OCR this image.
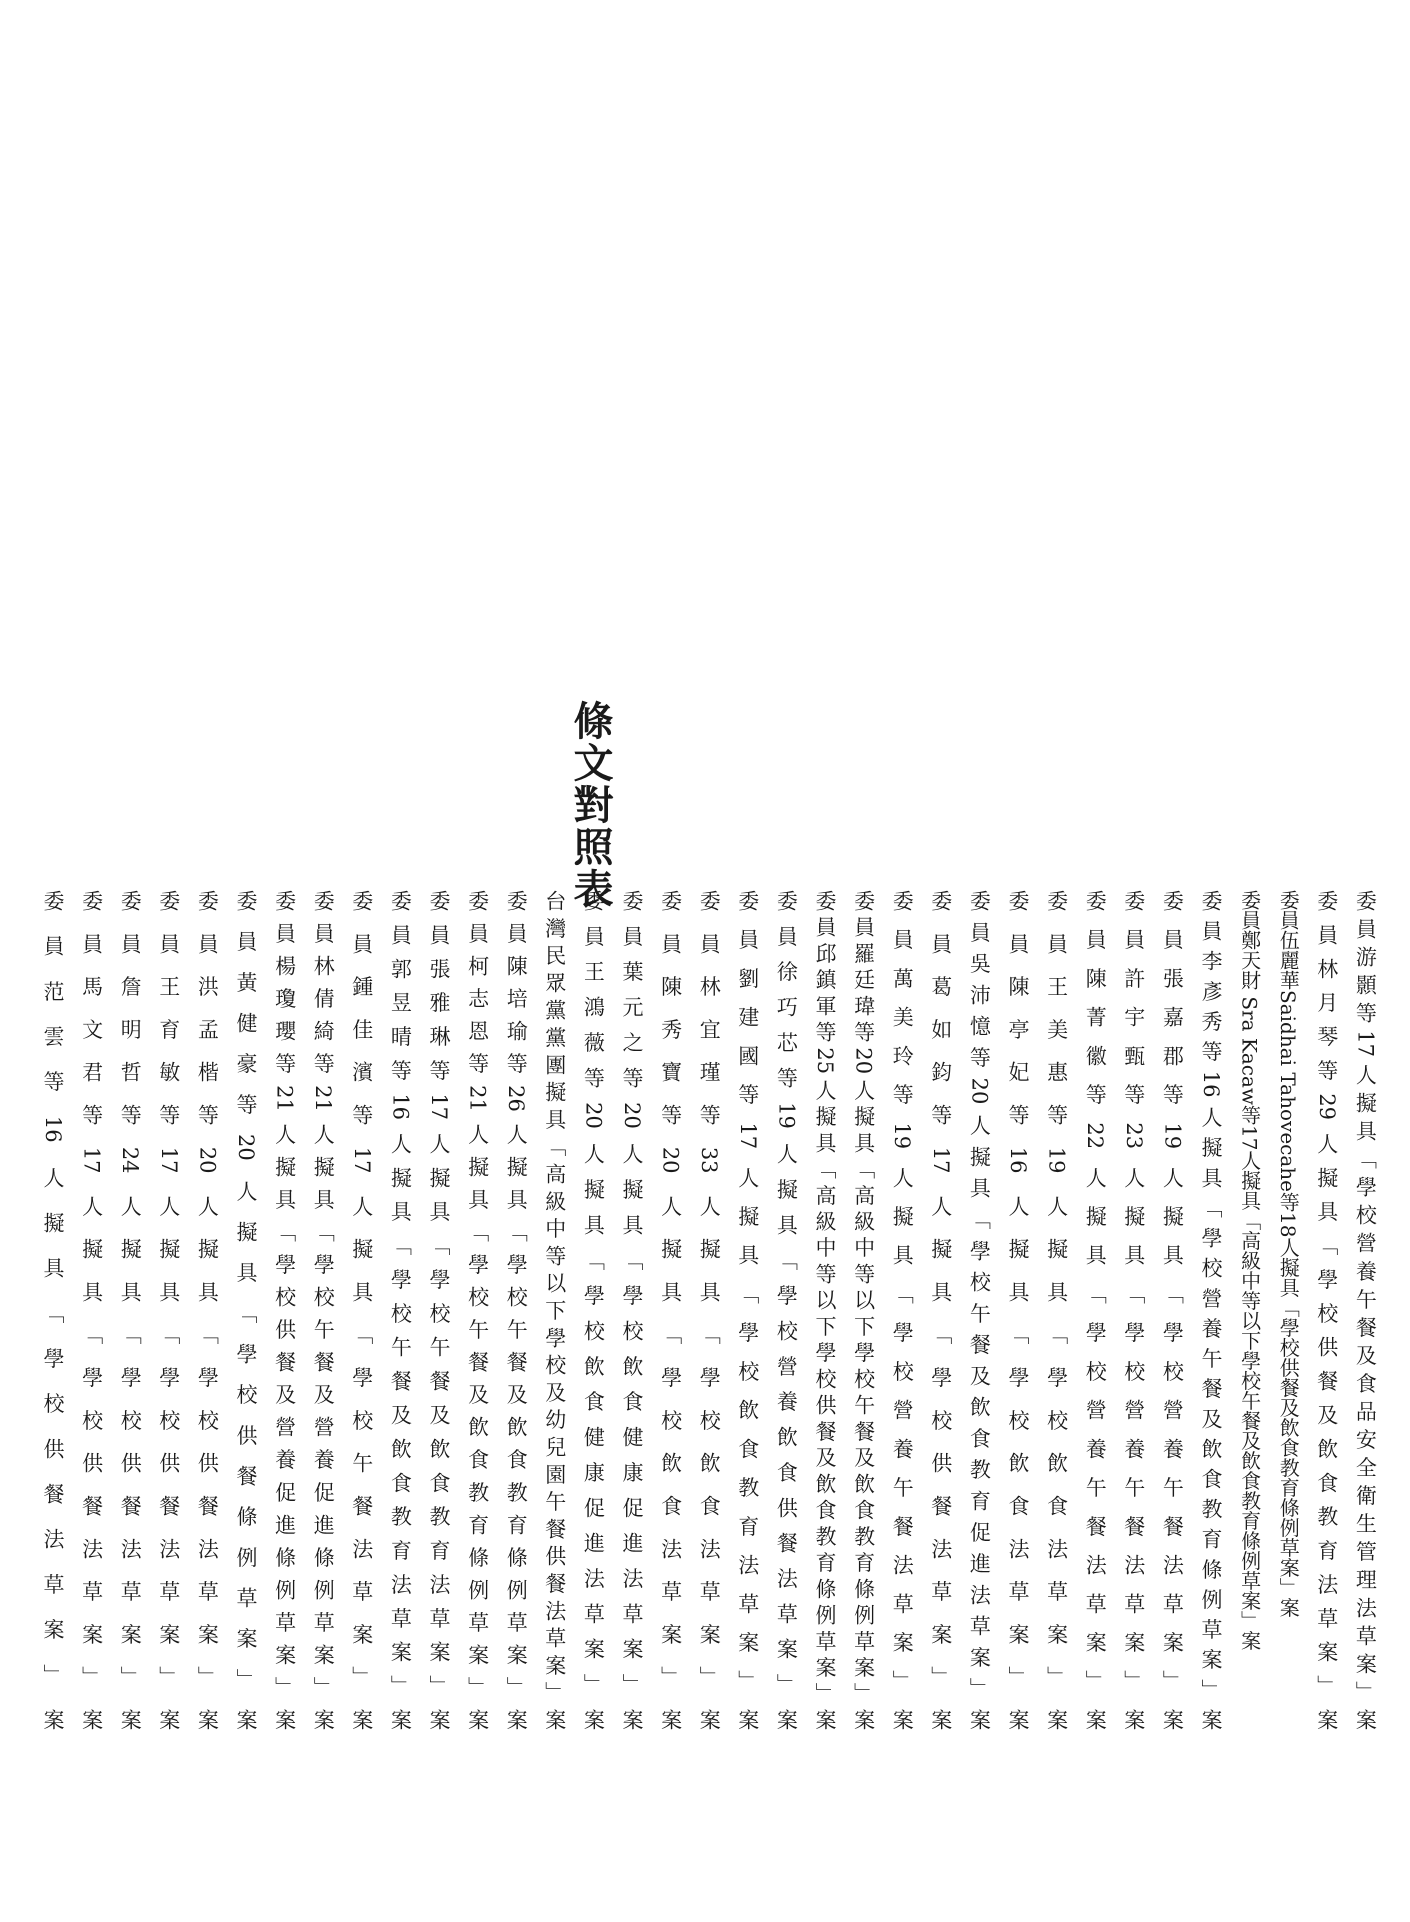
條文對照表
委員范雲等16人擬具「學校供餐法草案」案 委員馬文君等17人擬具「學校供餐法草案」案 委員詹明哲等24人擬具「學校供餐法草案」案 委員王育敏等17人擬具「學校供餐法草案」案 委員洪孟楷等20人擬具「學校供餐法草案」案 委員黃健豪等20人擬具「學校供餐條例草案」案 委員楊瓊瓔等21人擬具「學校供餐及營養促進條例草案」案 委員林倩綺等21人擬具「學校午餐及營養促進條例草案」案 委員鍾佳濱等17人擬具「學校午餐法草案」案 委員郭昱晴等16人擬具「學校午餐及飲食教育法草案」案 委員張雅琳等17人擬具「學校午餐及飲食教育法草案」案 委員柯志恩等21人擬具「學校午餐及飲食教育條例草案」案 委員陳培瑜等26人擬具「學校午餐及飲食教育條例草案」案 台灣民眾黨黨團擬具「高級中等以下學校及幼兒園午餐供餐法草案」案 委員王鴻薇等20人擬具「學校飲食健康促進法草案」案 委員葉元之等20人擬具「學校飲食健康促進法草案」案 委員陳秀寶等20人擬具「學校飲食法草案」案 委員林宜瑾等33人擬具「學校飲食法草案」案 委員劉建國等17人擬具「學校飲食教育法草案」案 委員徐巧芯等19人擬具「學校營養飲食供餐法草案」案 委員邱鎮軍等25人擬具「高級中等以下學校供餐及飲食教育條例草案」案 委員羅廷瑋等20人擬具「高級中等以下學校午餐及飲食教育條例草案」案 委員萬美玲等19人擬具「學校營養午餐法草案」案 委員葛如鈞等17人擬具「學校供餐法草案」案 委員吳沛憶等20人擬具「學校午餐及飲食教育促進法草案」案 委員陳亭妃等16人擬具「學校飲食法草案」案 委員王美惠等19人擬具「學校飲食法草案」案 委員陳菁徽等22人擬具「學校營養午餐法草案」案 委員許宇甄等23人擬具「學校營養午餐法草案」案 委員張嘉郡等19人擬具「學校營養午餐法草案」案 委員李彥秀等16人擬具「學校營養午餐及飲食教育條例草案」案 委員鄭天財 Sra Kacaw等17人擬具「高級中等以下學校午餐及飲食教育條例草案」案 委員伍麗華Saidhai Tahovecahe等18人擬具「學校供餐及飲食教育條例草案」案 委員林月琴等29人擬具「學校供餐及飲食教育法草案」案 委員游顥等17人擬具「學校營養午餐及食品安全衛生管理法草案」案
